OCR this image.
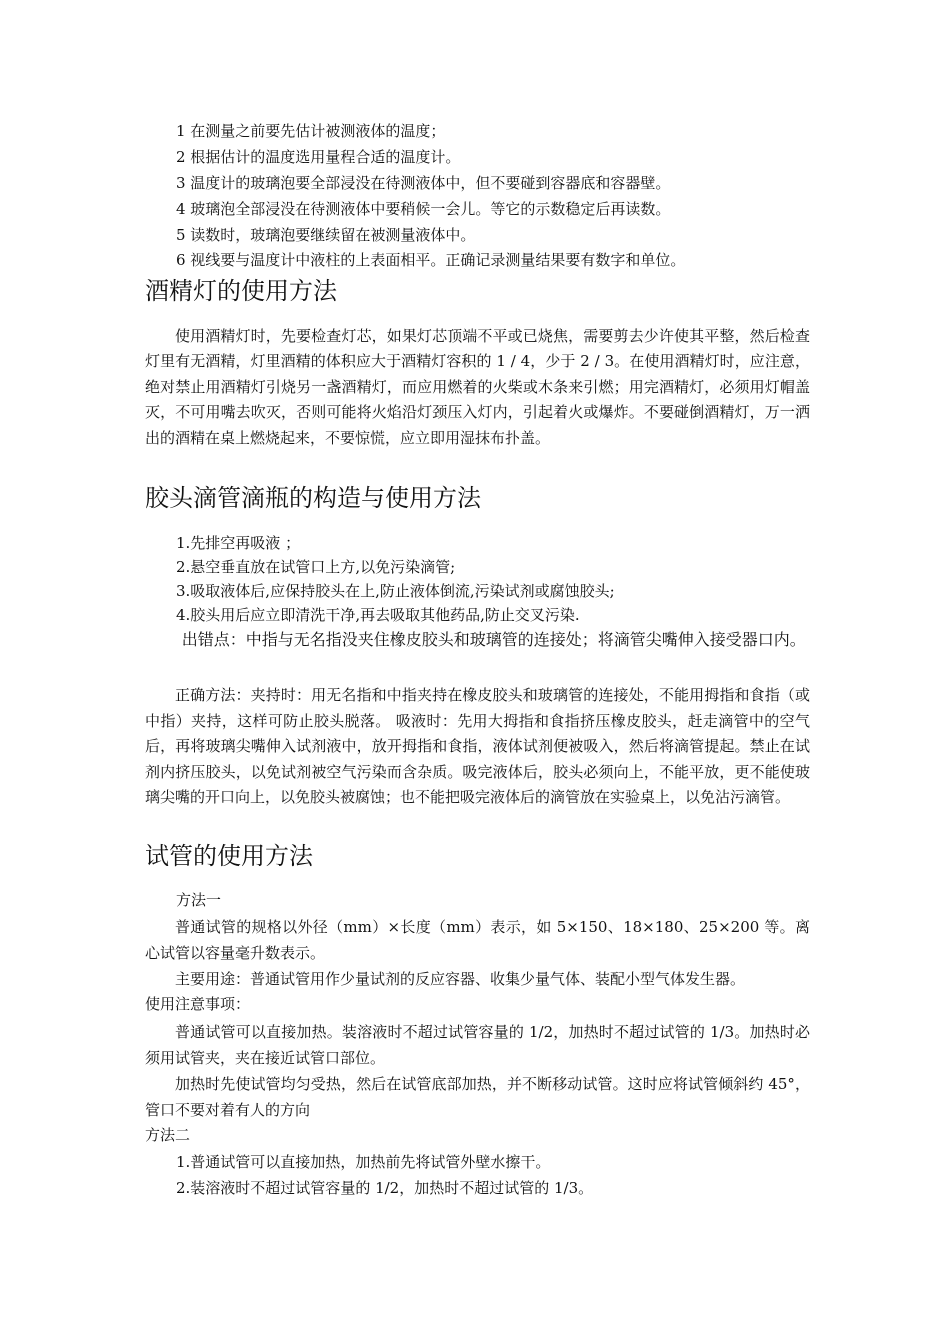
1 在测量之前要先估计被测液体的温度；
2 根据估计的温度选用量程合适的温度计。
3 温度计的玻璃泡要全部浸没在待测液体中，但不要碰到容器底和容器壁。
4 玻璃泡全部浸没在待测液体中要稍候一会儿。等它的示数稳定后再读数。
5 读数时，玻璃泡要继续留在被测量液体中。
6 视线要与温度计中液柱的上表面相平。正确记录测量结果要有数字和单位。
酒精灯的使用方法
使用酒精灯时，先要检查灯芯，如果灯芯顶端不平或已烧焦，需要剪去少许使其平整，然后检查灯里有无酒精，灯里酒精的体积应大于酒精灯容积的 1 / 4，少于 2 / 3。在使用酒精灯时，应注意，绝对禁止用酒精灯引烧另一盏酒精灯，而应用燃着的火柴或木条来引燃；用完酒精灯，必须用灯帽盖灭，不可用嘴去吹灭，否则可能将火焰沿灯颈压入灯内，引起着火或爆炸。不要碰倒酒精灯，万一洒出的酒精在桌上燃烧起来，不要惊慌，应立即用湿抹布扑盖。
胶头滴管滴瓶的构造与使用方法
1.先排空再吸液 ；
2.悬空垂直放在试管口上方,以免污染滴管;
3.吸取液体后,应保持胶头在上,防止液体倒流,污染试剂或腐蚀胶头;
4.胶头用后应立即清洗干净,再去吸取其他药品,防止交叉污染.
出错点：中指与无名指没夹住橡皮胶头和玻璃管的连接处；将滴管尖嘴伸入接受器口内。
正确方法：夹持时：用无名指和中指夹持在橡皮胶头和玻璃管的连接处，不能用拇指和食指（或中指）夹持，这样可防止胶头脱落。 吸液时：先用大拇指和食指挤压橡皮胶头，赶走滴管中的空气后，再将玻璃尖嘴伸入试剂液中，放开拇指和食指，液体试剂便被吸入，然后将滴管提起。禁止在试剂内挤压胶头，以免试剂被空气污染而含杂质。吸完液体后，胶头必须向上，不能平放，更不能使玻璃尖嘴的开口向上，以免胶头被腐蚀；也不能把吸完液体后的滴管放在实验桌上，以免沾污滴管。
试管的使用方法
方法一
普通试管的规格以外径（mm）×长度（mm）表示，如 5×150、18×180、25×200 等。离心试管以容量毫升数表示。
主要用途：普通试管用作少量试剂的反应容器、收集少量气体、装配小型气体发生器。
使用注意事项：
普通试管可以直接加热。装溶液时不超过试管容量的 1/2，加热时不超过试管的 1/3。加热时必须用试管夹，夹在接近试管口部位。
加热时先使试管均匀受热，然后在试管底部加热，并不断移动试管。这时应将试管倾斜约 45°，管口不要对着有人的方向
方法二
1.普通试管可以直接加热，加热前先将试管外壁水擦干。
2.装溶液时不超过试管容量的 1/2，加热时不超过试管的 1/3。
